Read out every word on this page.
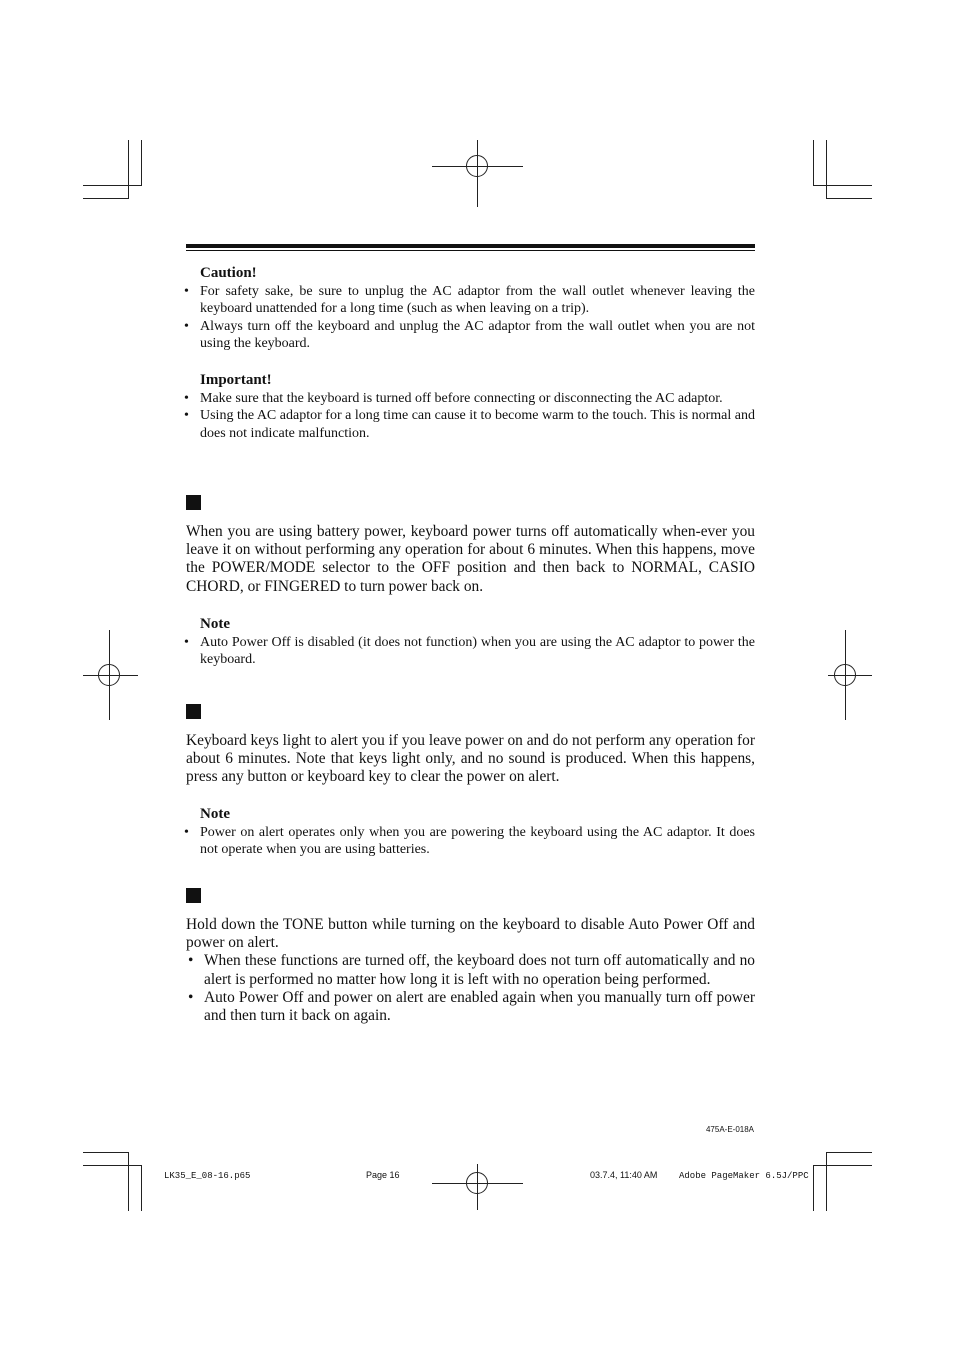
Caution!

• For safety sake, be sure to unplug the AC adaptor from the wall outlet whenever leaving the keyboard unattended for a long time (such as when leaving on a trip).
• Always turn off the keyboard and unplug the AC adaptor from the wall outlet when you are not using the keyboard.

Important!

• Make sure that the keyboard is turned off before connecting or disconnecting the AC adaptor.
• Using the AC adaptor for a long time can cause it to become warm to the touch. This is normal and does not indicate malfunction.

When you are using battery power, keyboard power turns off automatically when-ever you leave it on without performing any operation for about 6 minutes. When this happens, move the POWER/MODE selector to the OFF position and then back to NORMAL, CASIO CHORD, or FINGERED to turn power back on.

Note

• Auto Power Off is disabled (it does not function) when you are using the AC adaptor to power the keyboard.

Keyboard keys light to alert you if you leave power on and do not perform any operation for about 6 minutes. Note that keys light only, and no sound is produced. When this happens, press any button or keyboard key to clear the power on alert.

Note

• Power on alert operates only when you are powering the keyboard using the AC adaptor. It does not operate when you are using batteries.

Hold down the TONE button while turning on the keyboard to disable Auto Power Off and power on alert.

• When these functions are turned off, the keyboard does not turn off automatically and no alert is performed no matter how long it is left with no operation being performed.
• Auto Power Off and power on alert are enabled again when you manually turn off power and then turn it back on again.
475A-E-018A
LK35_E_08-16.p65	Page 16	03.7.4, 11:40 AM Adobe PageMaker 6.5J/PPC
